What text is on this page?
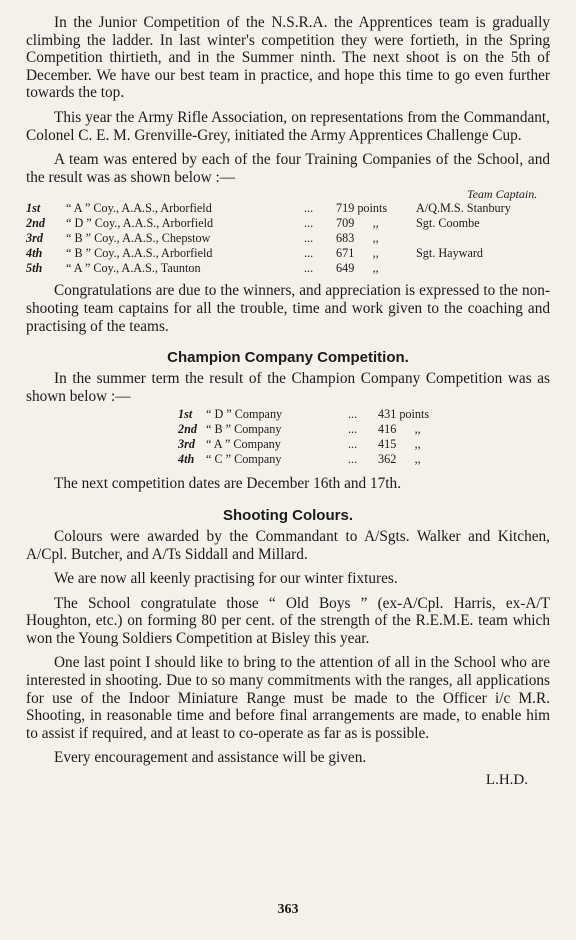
In the Junior Competition of the N.S.R.A. the Apprentices team is gradually climbing the ladder. In last winter's competition they were fortieth, in the Spring Competition thirtieth, and in the Summer ninth. The next shoot is on the 5th of December. We have our best team in practice, and hope this time to go even further towards the top.

This year the Army Rifle Association, on representations from the Commandant, Colonel C. E. M. Grenville-Grey, initiated the Army Apprentices Challenge Cup.

A team was entered by each of the four Training Companies of the School, and the result was as shown below :—

Team Captain.
1st	“ A ” Coy., A.A.S., Arborfield	...	719 points	A/Q.M.S. Stanbury
2nd	“ D ” Coy., A.A.S., Arborfield	...	709      ,,	Sgt. Coombe
3rd	“ B ” Coy., A.A.S., Chepstow	...	683      ,,	
4th	“ B ” Coy., A.A.S., Arborfield	...	671      ,,	Sgt. Hayward
5th	“ A ” Coy., A.A.S., Taunton	...	649      ,,	

Congratulations are due to the winners, and appreciation is expressed to the non-shooting team captains for all the trouble, time and work given to the coaching and practising of the teams.

Champion Company Competition.

In the summer term the result of the Champion Company Competition was as shown below :—

1st	“ D ” Company	...	431 points
2nd	“ B ” Company	...	416      ,,
3rd	“ A ” Company	...	415      ,,
4th	“ C ” Company	...	362      ,,

The next competition dates are December 16th and 17th.

Shooting Colours.

Colours were awarded by the Commandant to A/Sgts. Walker and Kitchen, A/Cpl. Butcher, and A/Ts Siddall and Millard.

We are now all keenly practising for our winter fixtures.

The School congratulate those “ Old Boys ” (ex-A/Cpl. Harris, ex-A/T Houghton, etc.) on forming 80 per cent. of the strength of the R.E.M.E. team which won the Young Soldiers Competition at Bisley this year.

One last point I should like to bring to the attention of all in the School who are interested in shooting. Due to so many commitments with the ranges, all applications for use of the Indoor Miniature Range must be made to the Officer i/c M.R. Shooting, in reasonable time and before final arrangements are made, to enable him to assist if required, and at least to co-operate as far as is possible.

Every encouragement and assistance will be given.

L.H.D.
363
